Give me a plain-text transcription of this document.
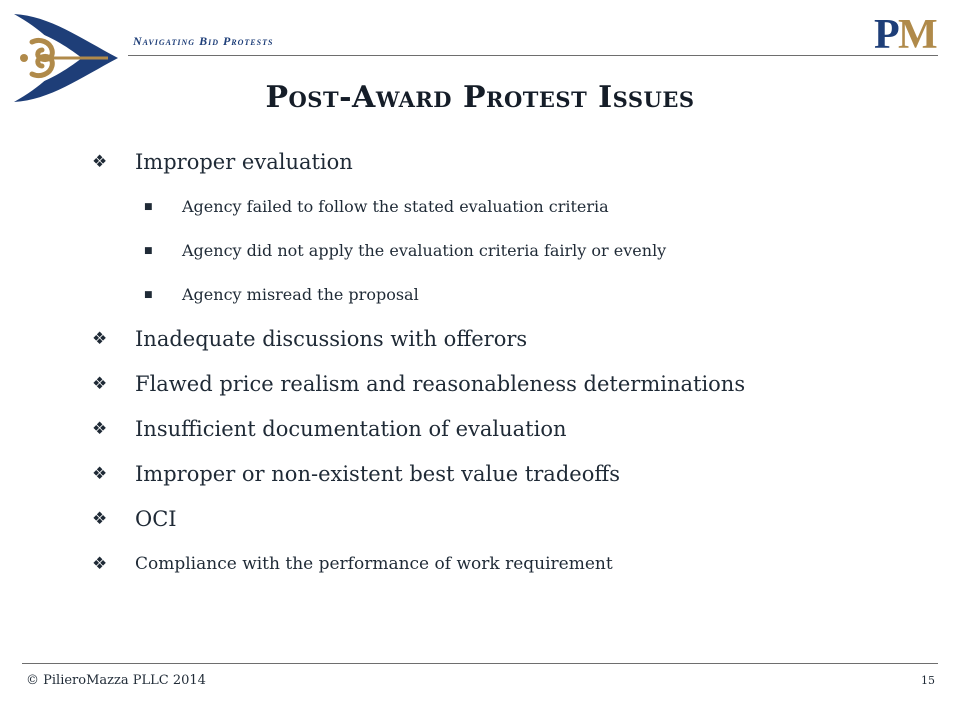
Navigating Bid Protests	P
M
Post-Award Protest Issues
❖ Improper evaluation
■ Agency failed to follow the stated evaluation criteria
■ Agency did not apply the evaluation criteria fairly or evenly
■ Agency misread the proposal
❖ Inadequate discussions with offerors
❖ Flawed price realism and reasonableness determinations
❖ Insufficient documentation of evaluation
❖ Improper or non-existent best value tradeoffs
❖ OCI
❖ Compliance with the performance of work requirement
© PilieroMazza PLLC 2014	15
